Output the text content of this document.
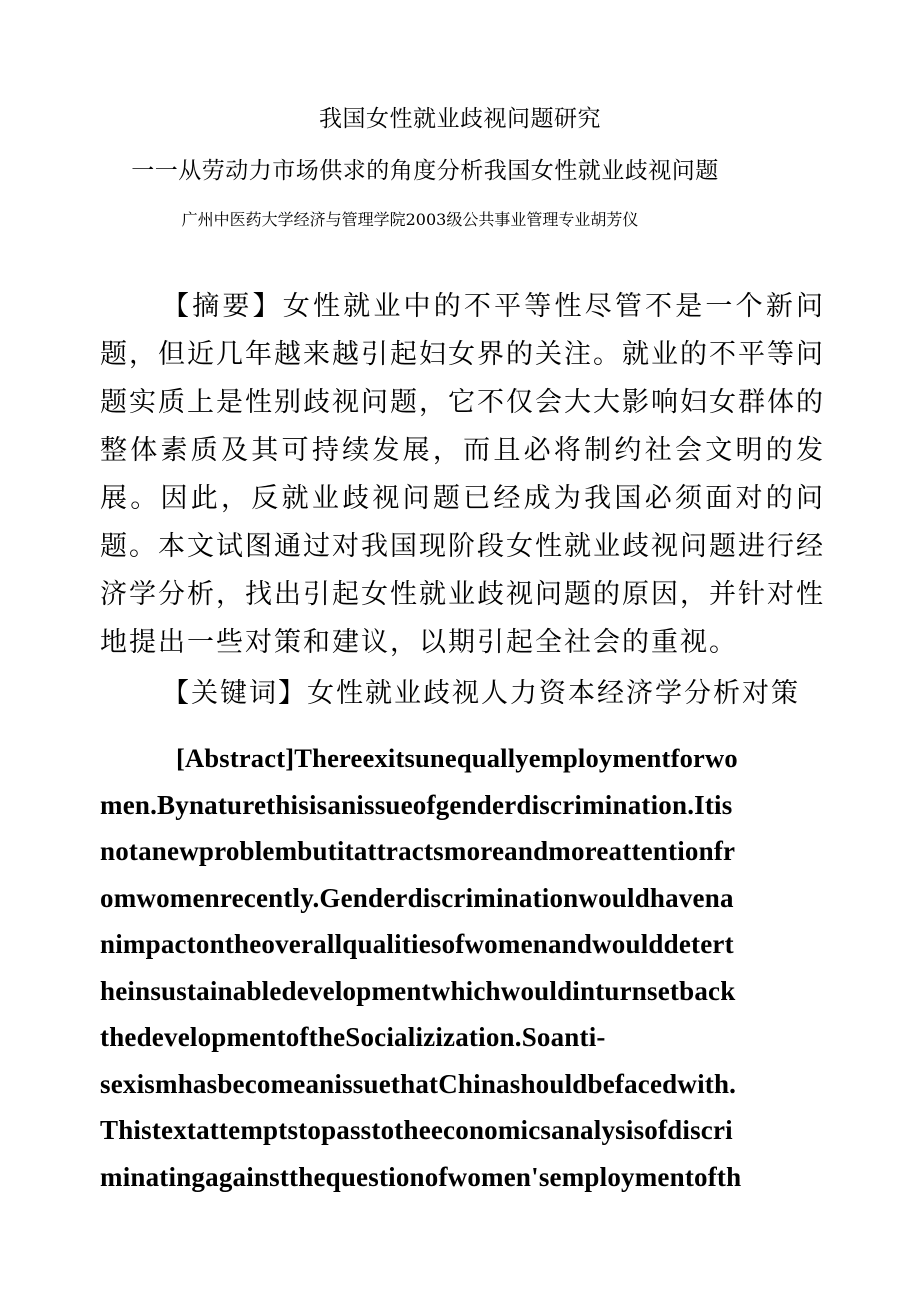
我国女性就业歧视问题研究
一一从劳动力市场供求的角度分析我国女性就业歧视问题
广州中医药大学经济与管理学院2003级公共事业管理专业胡芳仪
【摘要】女性就业中的不平等性尽管不是一个新问题，但近几年越来越引起妇女界的关注。就业的不平等问题实质上是性别歧视问题，它不仅会大大影响妇女群体的整体素质及其可持续发展，而且必将制约社会文明的发展。因此，反就业歧视问题已经成为我国必须面对的问题。本文试图通过对我国现阶段女性就业歧视问题进行经济学分析，找出引起女性就业歧视问题的原因，并针对性地提出一些对策和建议，以期引起全社会的重视。
【关键词】女性就业歧视人力资本经济学分析对策
[Abstract]Thereexitsunequallyemploymentforwo
men.Bynaturethisisanissueofgenderdiscrimination.Itis
notanewproblembutitattractsmoreandmoreattentionfr
omwomenrecently.Genderdiscriminationwouldhavena
nimpactontheoverallqualitiesofwomenandwoulddetert
heinsustainabledevelopmentwhichwouldinturnsetback
thedevelopmentoftheSocializization.Soanti-
sexismhasbecomeanissuethatChinashouldbefacedwith.
Thistextattemptstopasstotheeconomicsanalysisofdiscri
minatingagainstthequestionofwomen'semploymentofth
